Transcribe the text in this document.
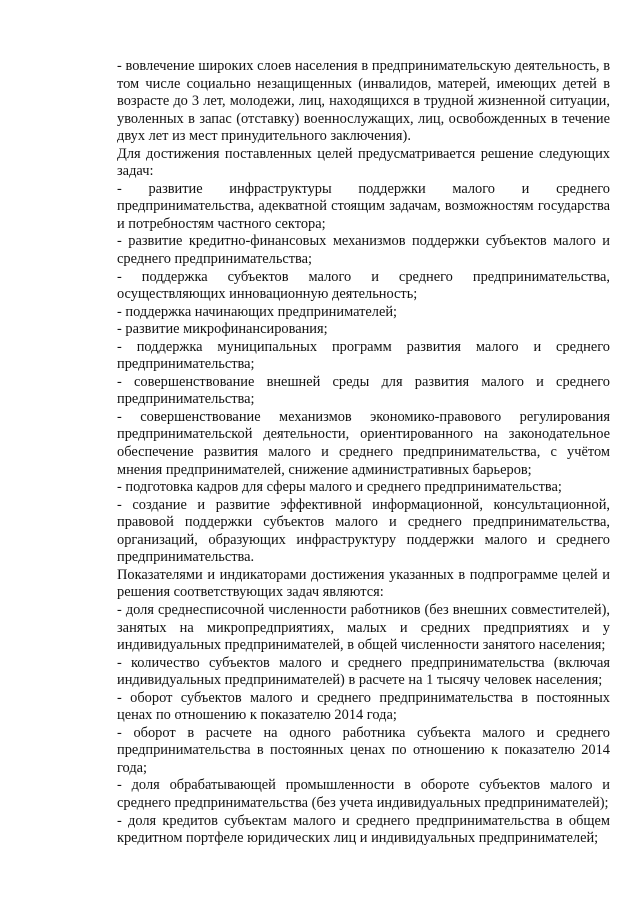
- вовлечение широких слоев населения в предпринимательскую деятельность, в том числе социально незащищенных (инвалидов, матерей, имеющих детей в возрасте до 3 лет, молодежи, лиц, находящихся в трудной жизненной ситуации, уволенных в запас (отставку) военнослужащих, лиц, освобожденных в течение двух лет из мест принудительного заключения).

Для достижения поставленных целей предусматривается решение следующих задач:

- развитие инфраструктуры поддержки малого и среднего предпринимательства, адекватной стоящим задачам, возможностям государства и потребностям частного сектора;

- развитие кредитно-финансовых механизмов поддержки субъектов малого и среднего предпринимательства;

- поддержка субъектов малого и среднего предпринимательства, осуществляющих инновационную деятельность;

- поддержка начинающих предпринимателей;

- развитие микрофинансирования;

- поддержка муниципальных программ развития малого и среднего предпринимательства;

- совершенствование внешней среды для развития малого и среднего предпринимательства;

- совершенствование механизмов экономико-правового регулирования предпринимательской деятельности, ориентированного на законодательное обеспечение развития малого и среднего предпринимательства, с учётом мнения предпринимателей, снижение административных барьеров;

- подготовка кадров для сферы малого и среднего предпринимательства;

- создание и развитие эффективной информационной, консультационной, правовой поддержки субъектов малого и среднего предпринимательства, организаций, образующих инфраструктуру поддержки малого и среднего предпринимательства.

Показателями и индикаторами достижения указанных в подпрограмме целей и решения соответствующих задач являются:

- доля среднесписочной численности работников (без внешних совместителей), занятых на микропредприятиях, малых и средних предприятиях и у индивидуальных предпринимателей, в общей численности занятого населения;

- количество субъектов малого и среднего предпринимательства (включая индивидуальных предпринимателей) в расчете на 1 тысячу человек населения;

- оборот субъектов малого и среднего предпринимательства в постоянных ценах по отношению к показателю 2014 года;

- оборот в расчете на одного работника субъекта малого и среднего предпринимательства в постоянных ценах по отношению к показателю 2014 года;

- доля обрабатывающей промышленности в обороте субъектов малого и среднего предпринимательства (без учета индивидуальных предпринимателей);

- доля кредитов субъектам малого и среднего предпринимательства в общем кредитном портфеле юридических лиц и индивидуальных предпринимателей;
